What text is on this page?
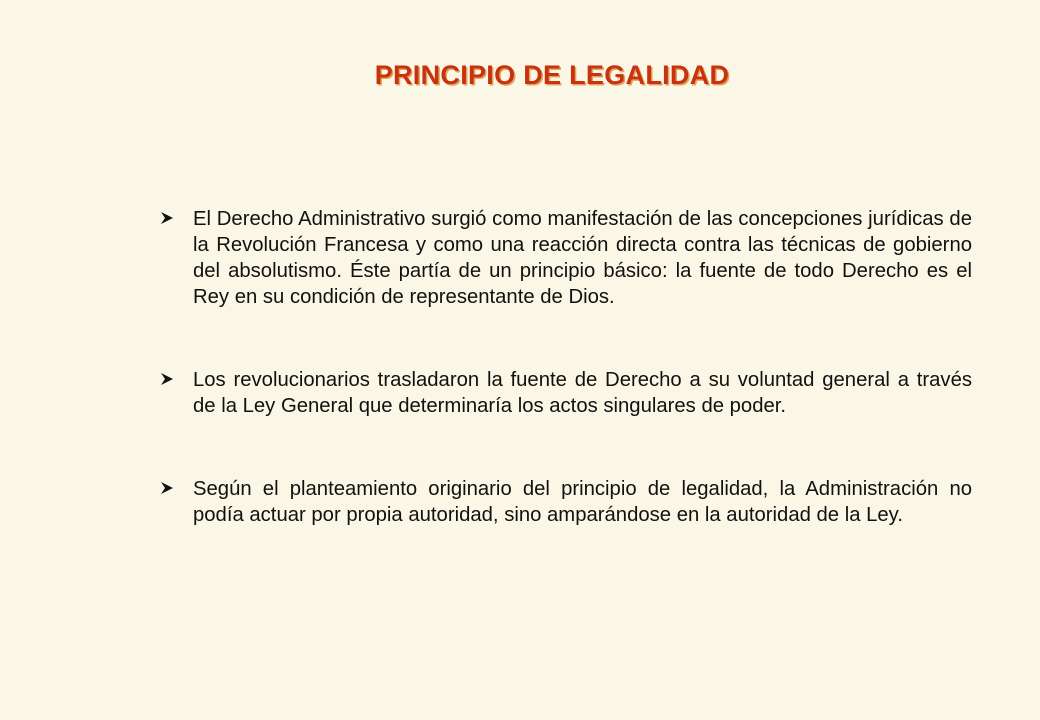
PRINCIPIO DE LEGALIDAD

El Derecho Administrativo surgió como manifestación de las concepciones jurídicas de la Revolución Francesa y como una reacción directa contra las técnicas de gobierno del absolutismo. Éste partía de un principio básico: la fuente de todo Derecho es el Rey en su condición de representante de Dios.

Los revolucionarios trasladaron la fuente de Derecho a su voluntad general a través de la Ley General que determinaría los actos singulares de poder.

Según el planteamiento originario del principio de legalidad, la Administración no podía actuar por propia autoridad, sino amparándose en la autoridad de la Ley.
